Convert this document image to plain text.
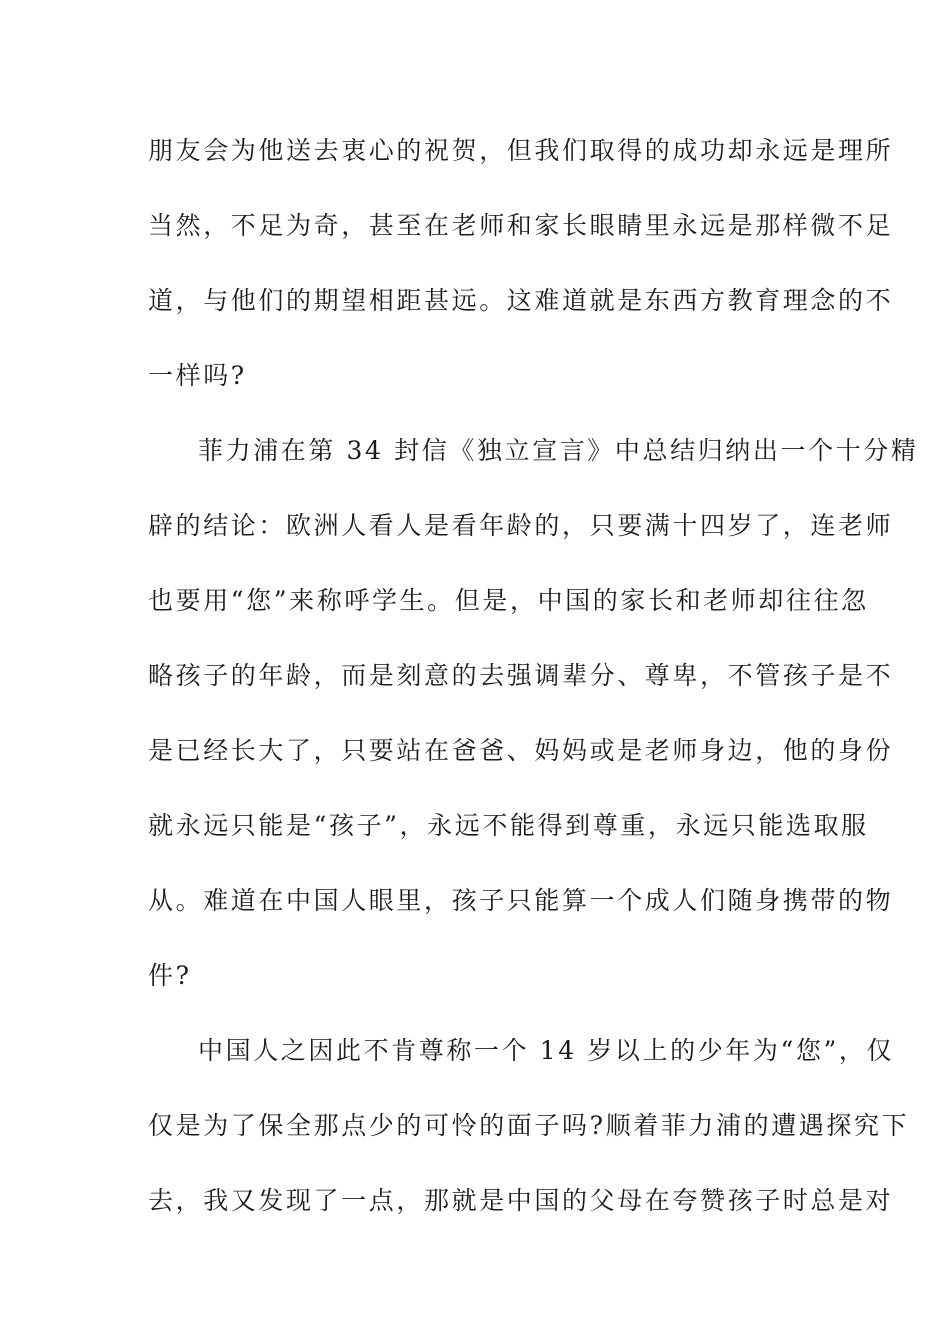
朋友会为他送去衷心的祝贺，但我们取得的成功却永远是理所
当然，不足为奇，甚至在老师和家长眼睛里永远是那样微不足
道，与他们的期望相距甚远。这难道就是东西方教育理念的不
一样吗?
菲力浦在第 34 封信《独立宣言》中总结归纳出一个十分精
辟的结论：欧洲人看人是看年龄的，只要满十四岁了，连老师
也要用“您”来称呼学生。但是，中国的家长和老师却往往忽
略孩子的年龄，而是刻意的去强调辈分、尊卑，不管孩子是不
是已经长大了，只要站在爸爸、妈妈或是老师身边，他的身份
就永远只能是“孩子”，永远不能得到尊重，永远只能选取服
从。难道在中国人眼里，孩子只能算一个成人们随身携带的物
件?
中国人之因此不肯尊称一个 14 岁以上的少年为“您”，仅
仅是为了保全那点少的可怜的面子吗?顺着菲力浦的遭遇探究下
去，我又发现了一点，那就是中国的父母在夸赞孩子时总是对
